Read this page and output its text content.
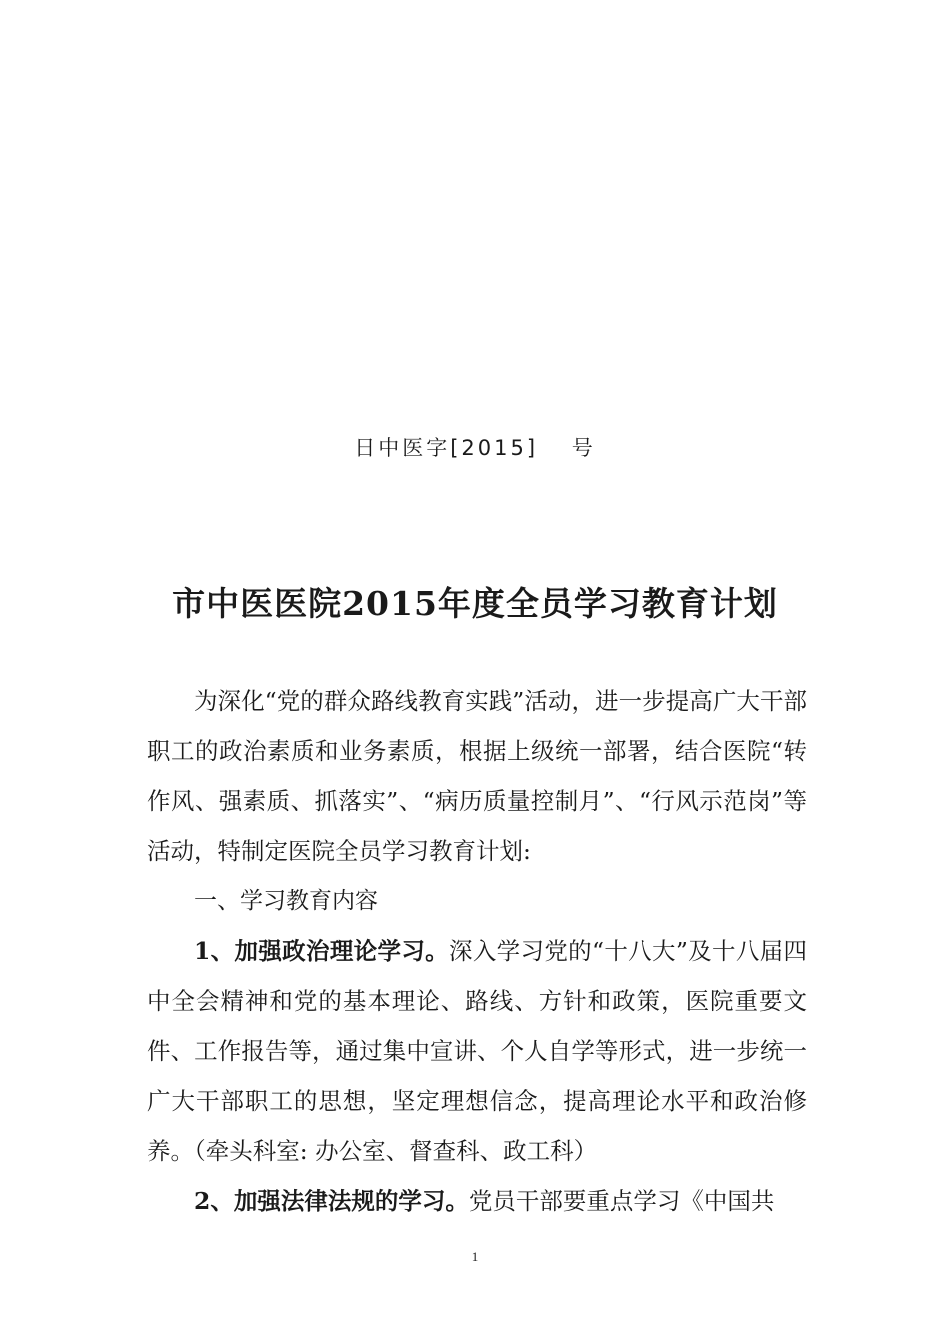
日中医字[2015]　 号
市中医医院2015年度全员学习教育计划

为深化“党的群众路线教育实践”活动，进一步提高广大干部职工的政治素质和业务素质，根据上级统一部署，结合医院“转作风、强素质、抓落实”、“病历质量控制月”、“行风示范岗”等活动，特制定医院全员学习教育计划:

一、学习教育内容

1、加强政治理论学习。深入学习党的“十八大”及十八届四中全会精神和党的基本理论、路线、方针和政策，医院重要文件、工作报告等，通过集中宣讲、个人自学等形式，进一步统一广大干部职工的思想，坚定理想信念，提高理论水平和政治修养。（牵头科室: 办公室、督查科、政工科）

2、加强法律法规的学习。党员干部要重点学习《中国共

1
